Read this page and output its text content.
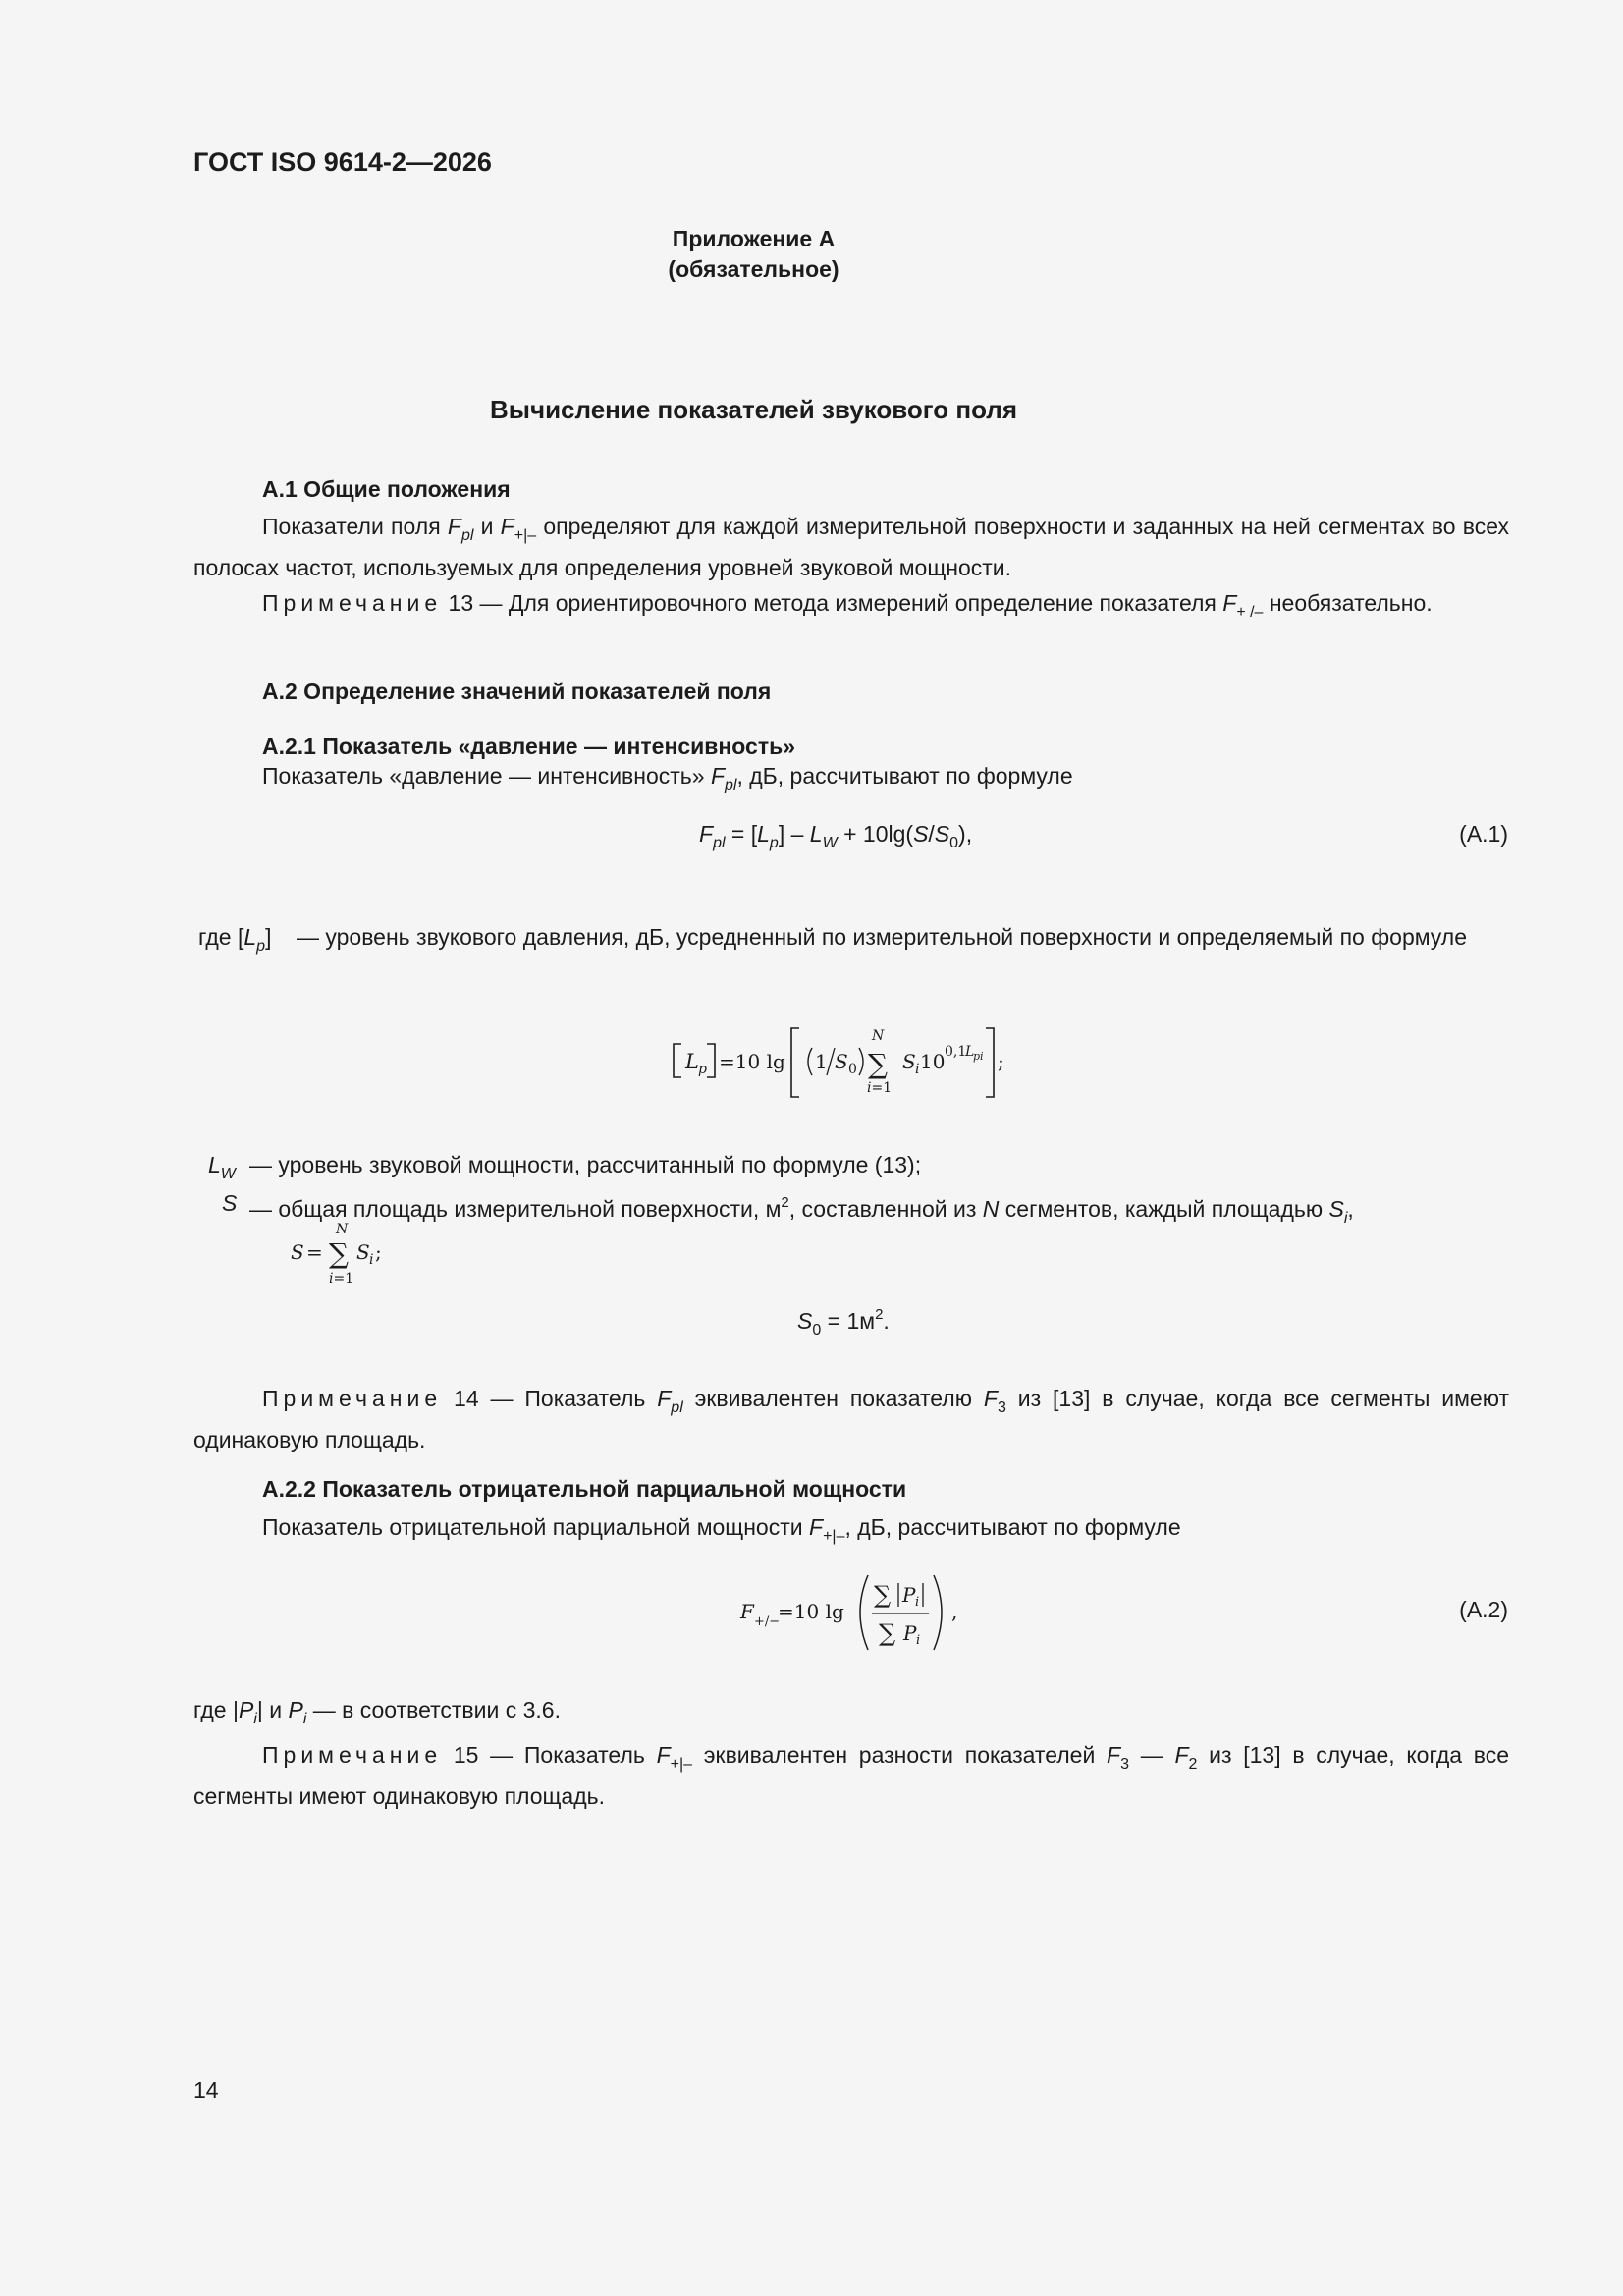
ГОСТ ISO 9614-2—2026
Приложение А
(обязательное)
Вычисление показателей звукового поля
А.1 Общие положения
Показатели поля $F_{pl}$ и $F_{+|-}$ определяют для каждой измерительной поверхности и заданных на ней сегментах во всех полосах частот, используемых для определения уровней звуковой мощности.
Примечание 13 — Для ориентировочного метода измерений определение показателя $F_{+ /-}$ необязательно.
А.2 Определение значений показателей поля
А.2.1 Показатель «давление — интенсивность»
Показатель «давление — интенсивность» $F_{pl}$, дБ, рассчитывают по формуле
$F_{pl} = [L_p] - L_W + 10\lg(S/S_0)$,	(А.1)
где $[L_p]$ — уровень звукового давления, дБ, усредненный по измерительной поверхности и определяемый по формуле
L p =10 lg 1 S 0
N
∑
i=1
S i 10 0,1
L
pi ;
$L_W$ — уровень звуковой мощности, рассчитанный по формуле (13);
S — общая площадь измерительной поверхности, $м^2$, составленной из N сегментов, каждый площадью $S_i$,
S =
N
∑
i=1
S i ;
$S_0 = 1м^2$.
Примечание 14 — Показатель $F_{pl}$ эквивалентен показателю $F_3$ из [13] в случае, когда все сегменты имеют одинаковую площадь.
А.2.2 Показатель отрицательной парциальной мощности
Показатель отрицательной парциальной мощности $F_{+|-}$, дБ, рассчитывают по формуле
F +/−
=10 lg
∑ P i
∑ P i
,	(А.2)
где $|P_i|$ и $P_i$ — в соответствии с 3.6.
Примечание 15 — Показатель $F_{+|-}$ эквивалентен разности показателей $F_3$ — $F_2$ из [13] в случае, когда все сегменты имеют одинаковую площадь.
14
